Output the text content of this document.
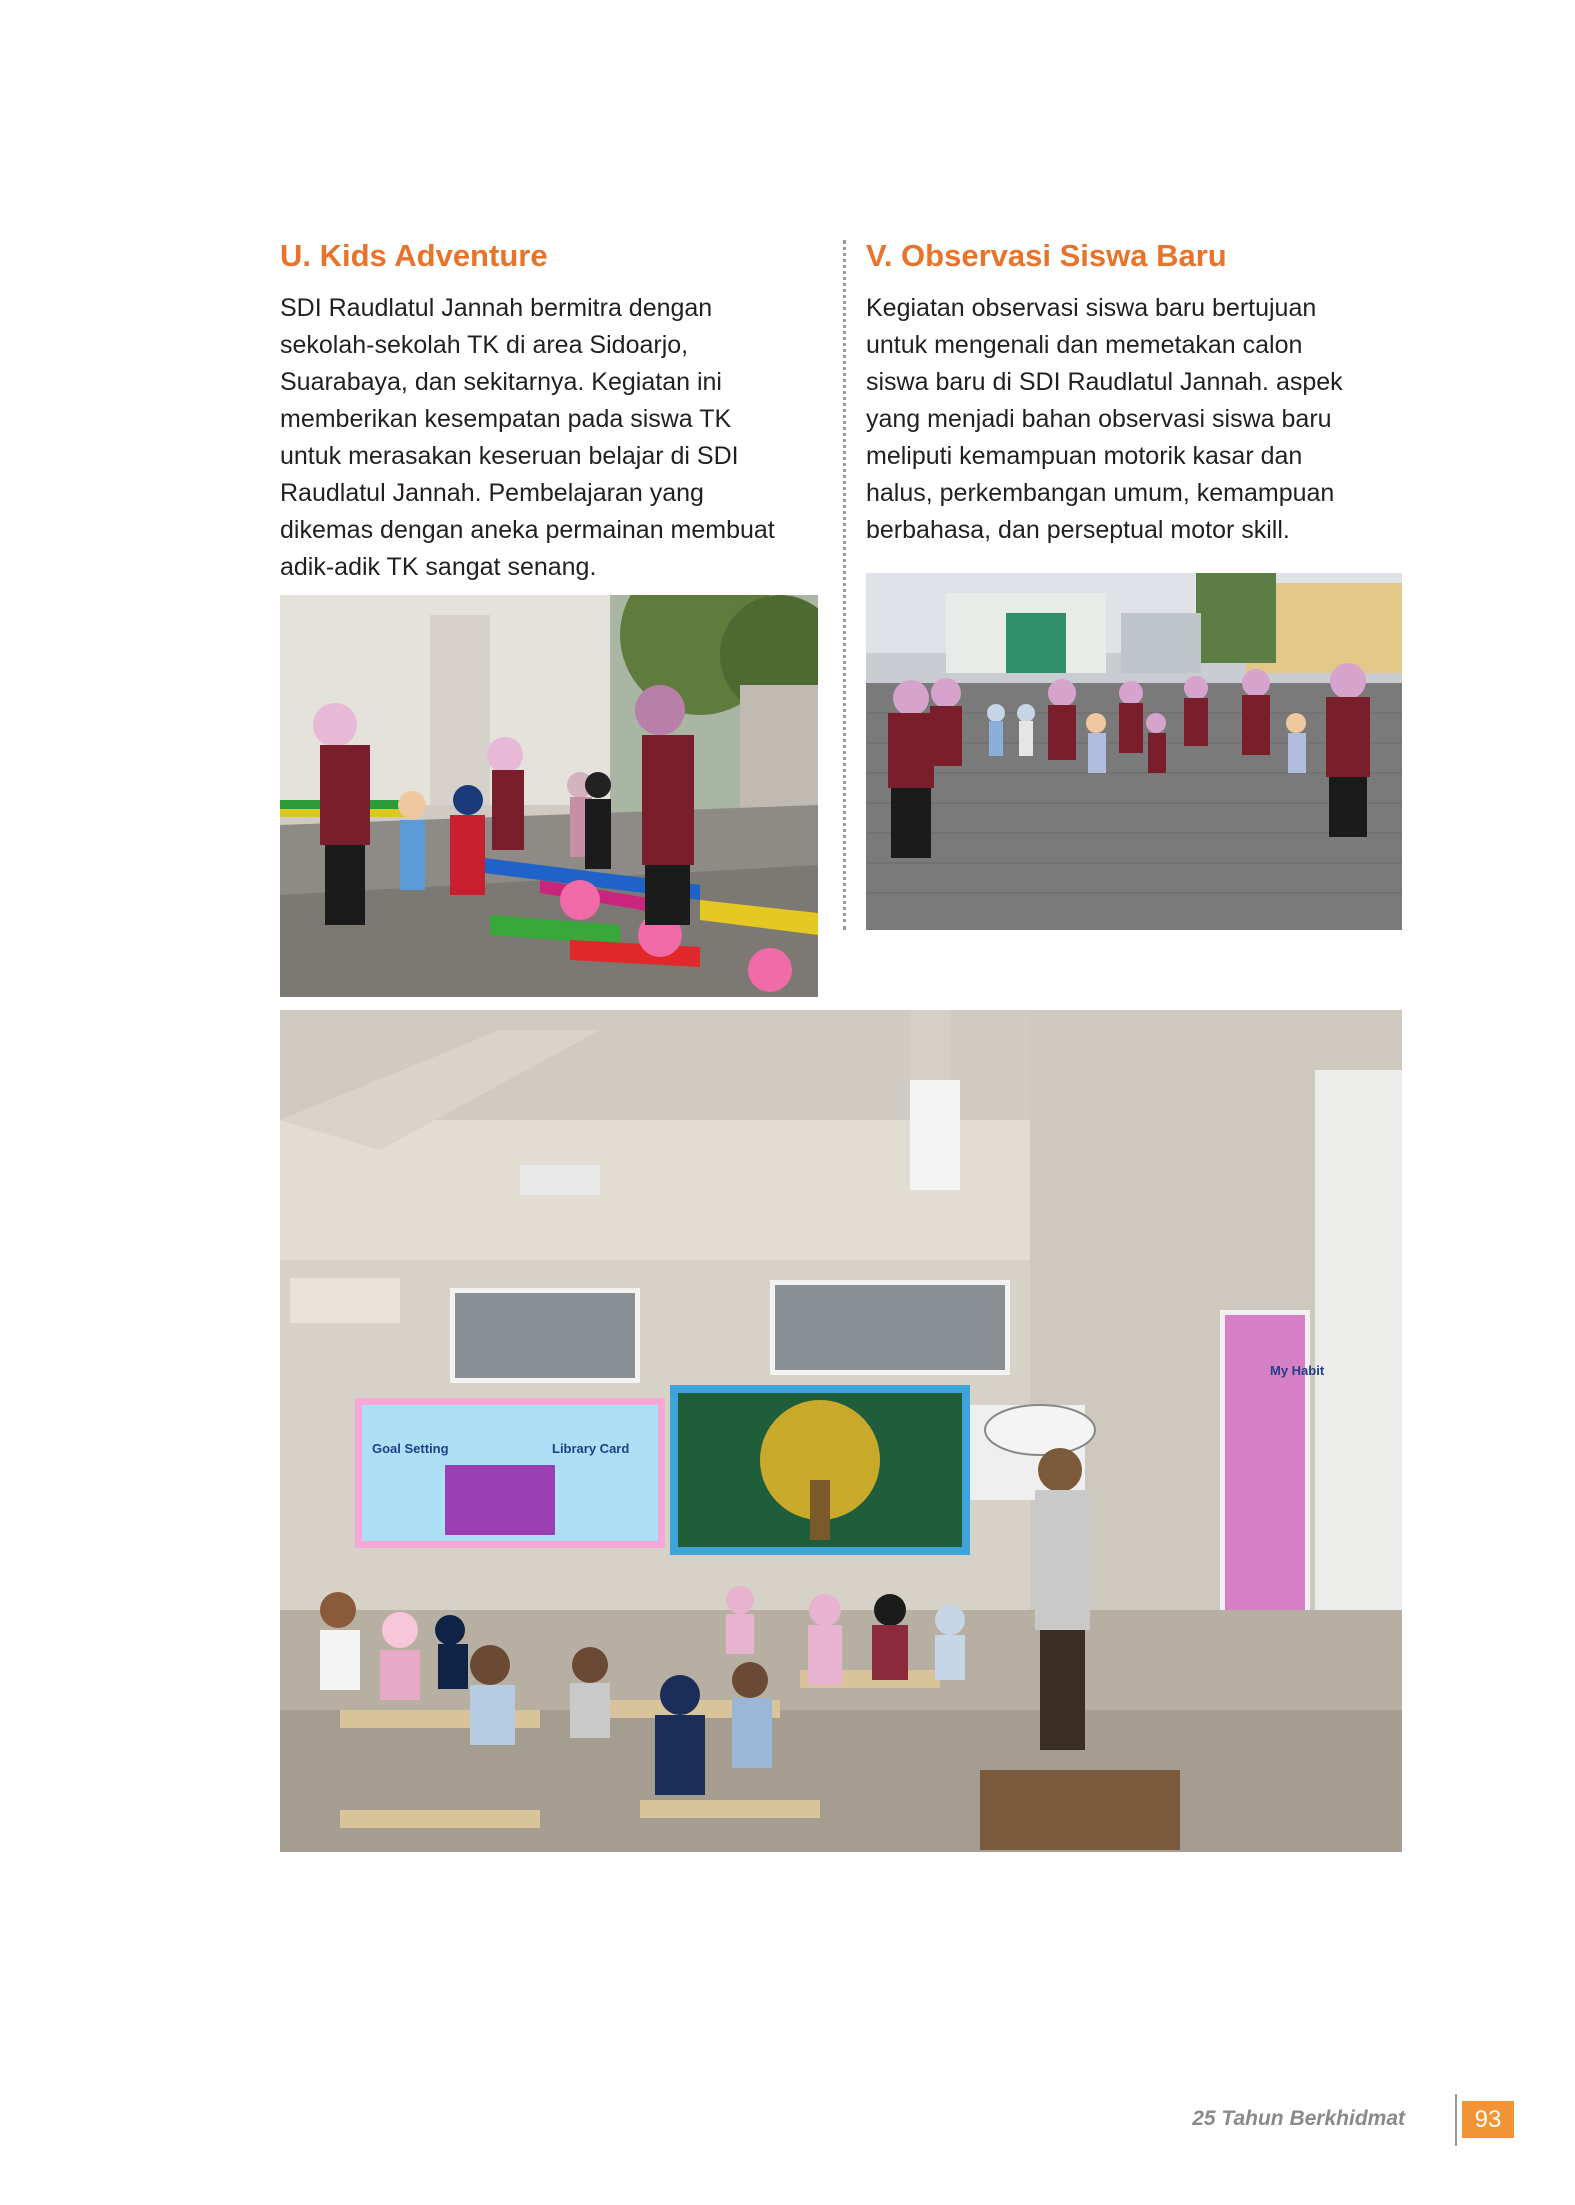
U. Kids Adventure
SDI Raudlatul Jannah bermitra dengan
sekolah-sekolah TK di area Sidoarjo,
Suarabaya, dan sekitarnya. Kegiatan ini
memberikan kesempatan pada siswa TK
untuk merasakan keseruan belajar di SDI
Raudlatul Jannah. Pembelajaran yang
dikemas dengan aneka permainan membuat
adik-adik TK sangat senang.
V. Observasi Siswa Baru
Kegiatan observasi siswa baru bertujuan
untuk mengenali dan memetakan calon
siswa baru di SDI Raudlatul Jannah. aspek
yang menjadi bahan observasi siswa baru
meliputi kemampuan motorik kasar dan
halus, perkembangan umum, kemampuan
berbahasa, dan perseptual motor skill.
Goal Setting	Library Card
My Habit
25 Tahun Berkhidmat	93
